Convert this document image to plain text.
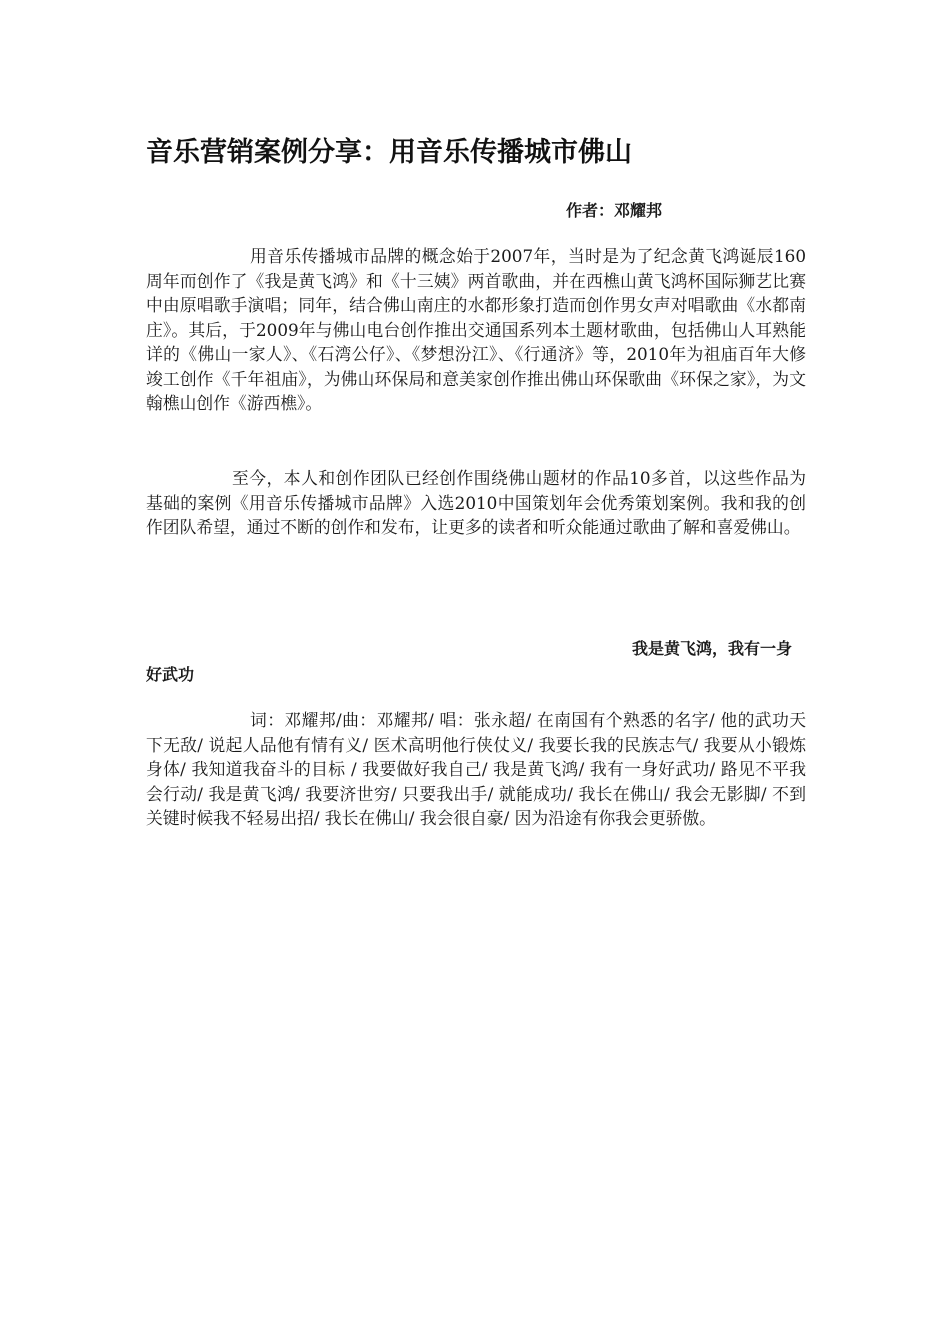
音乐营销案例分享：用音乐传播城市佛山

作者：邓耀邦

用音乐传播城市品牌的概念始于2007年，当时是为了纪念黄飞鸿诞辰160周年而创作了《我是黄飞鸿》和《十三姨》两首歌曲，并在西樵山黄飞鸿杯国际狮艺比赛中由原唱歌手演唱；同年，结合佛山南庄的水都形象打造而创作男女声对唱歌曲《水都南庄》。其后，于2009年与佛山电台创作推出交通国系列本土题材歌曲，包括佛山人耳熟能详的《佛山一家人》、《石湾公仔》、《梦想汾江》、《行通济》等，2010年为祖庙百年大修竣工创作《千年祖庙》，为佛山环保局和意美家创作推出佛山环保歌曲《环保之家》，为文翰樵山创作《游西樵》。

至今，本人和创作团队已经创作围绕佛山题材的作品10多首，以这些作品为基础的案例《用音乐传播城市品牌》入选2010中国策划年会优秀策划案例。我和我的创作团队希望，通过不断的创作和发布，让更多的读者和听众能通过歌曲了解和喜爱佛山。

我是黄飞鸿，我有一身好武功

词：邓耀邦/曲：邓耀邦/ 唱：张永超/ 在南国有个熟悉的名字/ 他的武功天下无敌/ 说起人品他有情有义/ 医术高明他行侠仗义/ 我要长我的民族志气/ 我要从小锻炼身体/ 我知道我奋斗的目标 / 我要做好我自己/ 我是黄飞鸿/ 我有一身好武功/ 路见不平我会行动/ 我是黄飞鸿/ 我要济世穷/ 只要我出手/ 就能成功/ 我长在佛山/ 我会无影脚/ 不到关键时候我不轻易出招/ 我长在佛山/ 我会很自豪/ 因为沿途有你我会更骄傲。
